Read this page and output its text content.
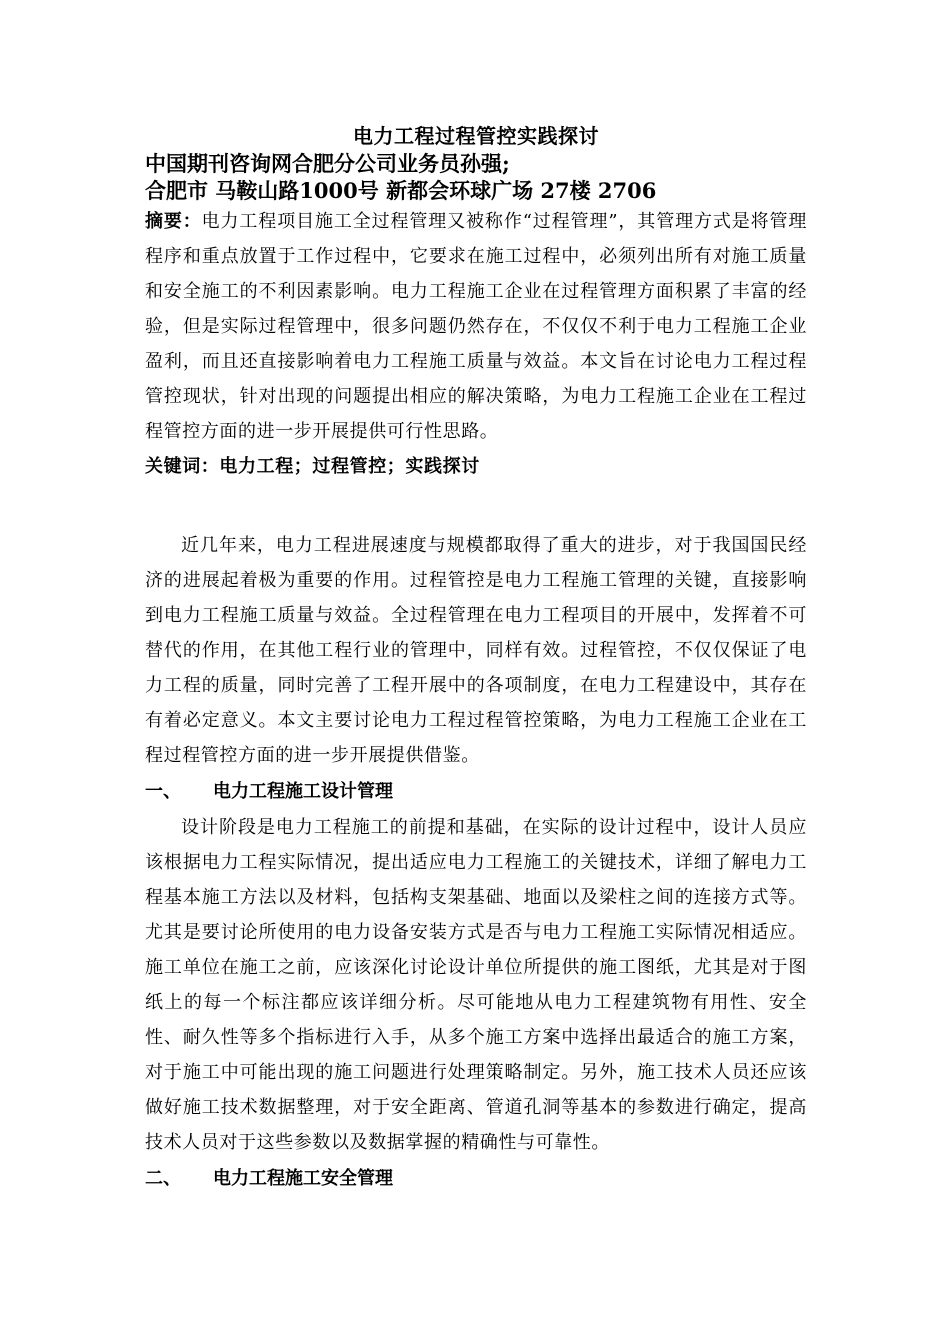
电力工程过程管控实践探讨

中国期刊咨询网合肥分公司业务员孙强;

合肥市 马鞍山路1000号 新都会环球广场 27楼 2706

摘要：电力工程项目施工全过程管理又被称作“过程管理”，其管理方式是将管理程序和重点放置于工作过程中，它要求在施工过程中，必须列出所有对施工质量和安全施工的不利因素影响。电力工程施工企业在过程管理方面积累了丰富的经验，但是实际过程管理中，很多问题仍然存在，不仅仅不利于电力工程施工企业盈利，而且还直接影响着电力工程施工质量与效益。本文旨在讨论电力工程过程管控现状，针对出现的问题提出相应的解决策略，为电力工程施工企业在工程过程管控方面的进一步开展提供可行性思路。

关键词：电力工程；过程管控；实践探讨

近几年来，电力工程进展速度与规模都取得了重大的进步，对于我国国民经济的进展起着极为重要的作用。过程管控是电力工程施工管理的关键，直接影响到电力工程施工质量与效益。全过程管理在电力工程项目的开展中，发挥着不可替代的作用，在其他工程行业的管理中，同样有效。过程管控，不仅仅保证了电力工程的质量，同时完善了工程开展中的各项制度，在电力工程建设中，其存在有着必定意义。本文主要讨论电力工程过程管控策略，为电力工程施工企业在工程过程管控方面的进一步开展提供借鉴。

一、 电力工程施工设计管理

设计阶段是电力工程施工的前提和基础，在实际的设计过程中，设计人员应该根据电力工程实际情况，提出适应电力工程施工的关键技术，详细了解电力工程基本施工方法以及材料，包括构支架基础、地面以及梁柱之间的连接方式等。尤其是要讨论所使用的电力设备安装方式是否与电力工程施工实际情况相适应。施工单位在施工之前，应该深化讨论设计单位所提供的施工图纸，尤其是对于图纸上的每一个标注都应该详细分析。尽可能地从电力工程建筑物有用性、安全性、耐久性等多个指标进行入手，从多个施工方案中选择出最适合的施工方案，对于施工中可能出现的施工问题进行处理策略制定。另外，施工技术人员还应该做好施工技术数据整理，对于安全距离、管道孔洞等基本的参数进行确定，提高技术人员对于这些参数以及数据掌握的精确性与可靠性。

二、 电力工程施工安全管理
